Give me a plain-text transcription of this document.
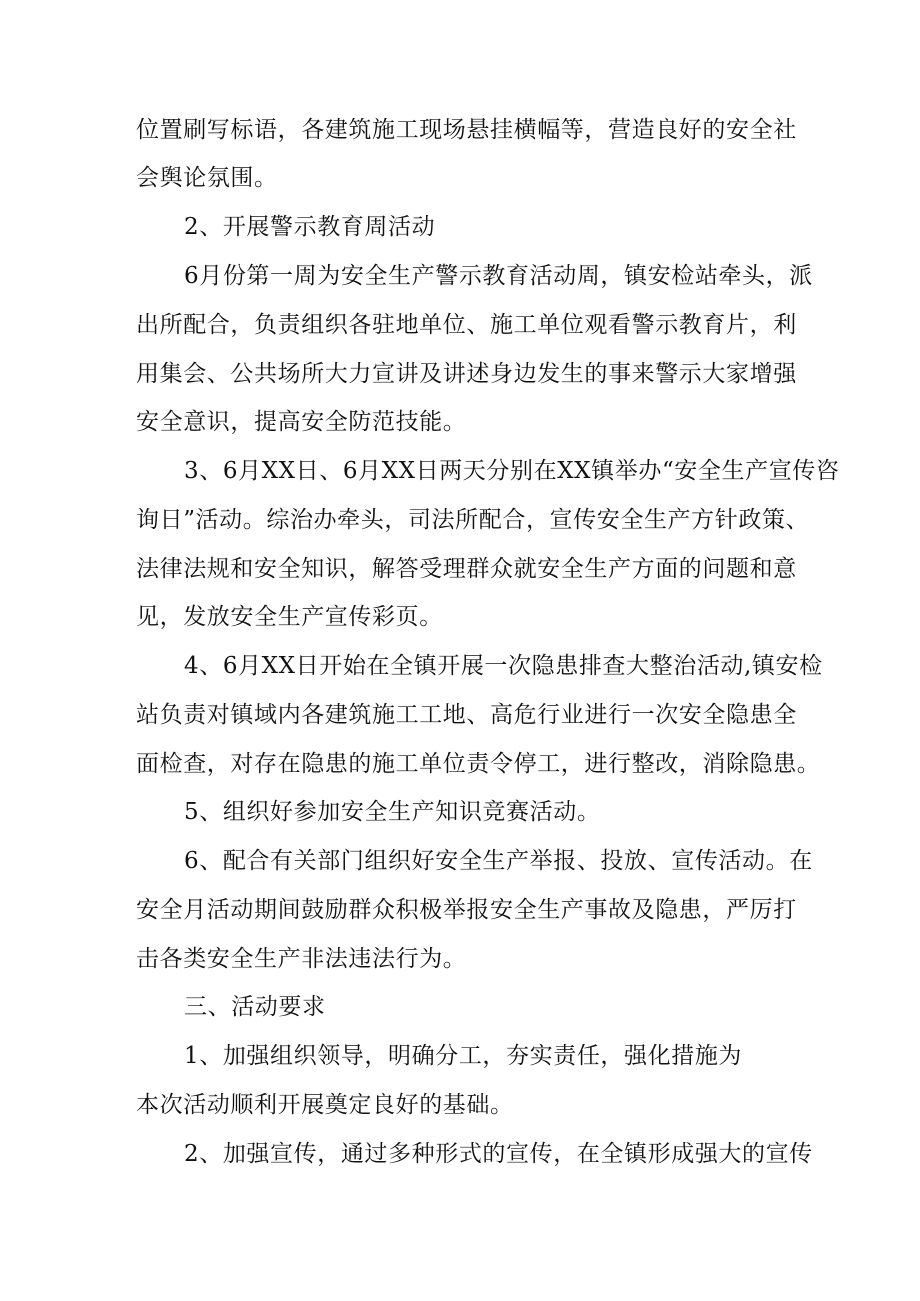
位置刷写标语，各建筑施工现场悬挂横幅等，营造良好的安全社
会舆论氛围。
2、开展警示教育周活动
6月份第一周为安全生产警示教育活动周，镇安检站牵头，派
出所配合，负责组织各驻地单位、施工单位观看警示教育片，利
用集会、公共场所大力宣讲及讲述身边发生的事来警示大家增强
安全意识，提高安全防范技能。
3、6月XX日、6月XX日两天分别在XX镇举办“安全生产宣传咨
询日”活动。综治办牵头，司法所配合，宣传安全生产方针政策、
法律法规和安全知识，解答受理群众就安全生产方面的问题和意
见，发放安全生产宣传彩页。
4、6月XX日开始在全镇开展一次隐患排查大整治活动,镇安检
站负责对镇域内各建筑施工工地、高危行业进行一次安全隐患全
面检查，对存在隐患的施工单位责令停工，进行整改，消除隐患。
5、组织好参加安全生产知识竞赛活动。
6、配合有关部门组织好安全生产举报、投放、宣传活动。在
安全月活动期间鼓励群众积极举报安全生产事故及隐患，严厉打
击各类安全生产非法违法行为。
三、活动要求
1、加强组织领导，明确分工，夯实责任，强化措施为
本次活动顺利开展奠定良好的基础。
2、加强宣传，通过多种形式的宣传，在全镇形成强大的宣传
